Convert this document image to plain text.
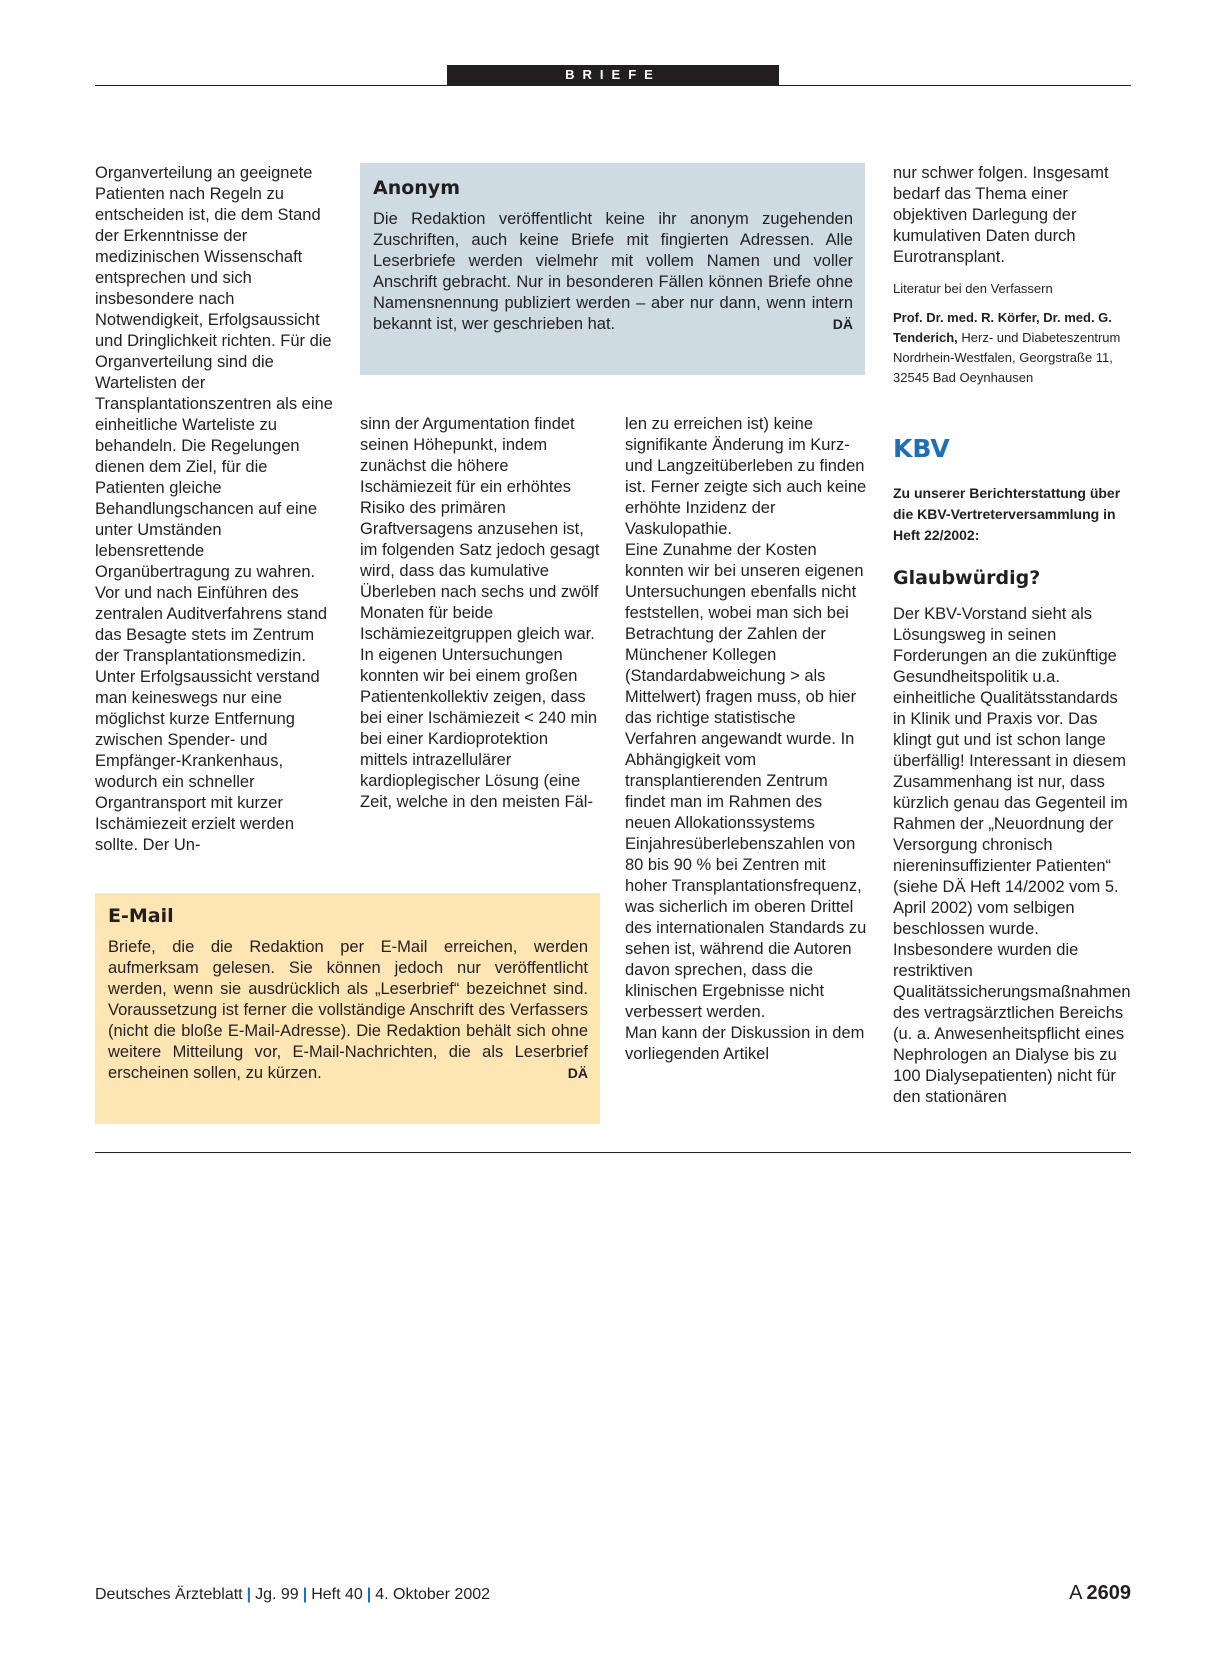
BRIEFE

Organverteilung an geeignete Patienten nach Regeln zu entscheiden ist, die dem Stand der Erkenntnisse der medizinischen Wissenschaft entsprechen und sich insbesondere nach Notwendigkeit, Erfolgsaussicht und Dringlichkeit richten. Für die Organverteilung sind die Wartelisten der Transplantationszentren als eine einheitliche Warteliste zu behandeln. Die Regelungen dienen dem Ziel, für die Patienten gleiche Behandlungschancen auf eine unter Umständen lebensrettende Organübertragung zu wahren.

Vor und nach Einführen des zentralen Auditverfahrens stand das Besagte stets im Zentrum der Transplantationsmedizin. Unter Erfolgsaussicht verstand man keineswegs nur eine möglichst kurze Entfernung zwischen Spender- und Empfänger-Krankenhaus, wodurch ein schneller Organtransport mit kurzer Ischämiezeit erzielt werden sollte. Der Un-

Anonym

Die Redaktion veröffentlicht keine ihr anonym zugehenden Zuschriften, auch keine Briefe mit fingierten Adressen. Alle Leserbriefe werden vielmehr mit vollem Namen und voller Anschrift gebracht. Nur in besonderen Fällen können Briefe ohne Namensnennung publiziert werden – aber nur dann, wenn intern bekannt ist, wer geschrieben hat.	DÄ

sinn der Argumentation findet seinen Höhepunkt, indem zunächst die höhere Ischämiezeit für ein erhöhtes Risiko des primären Graftversagens anzusehen ist, im folgenden Satz jedoch gesagt wird, dass das kumulative Überleben nach sechs und zwölf Monaten für beide Ischämiezeitgruppen gleich war.

In eigenen Untersuchungen konnten wir bei einem großen Patientenkollektiv zeigen, dass bei einer Ischämiezeit < 240 min bei einer Kardioprotektion mittels intrazellulärer kardioplegischer Lösung (eine Zeit, welche in den meisten Fäl-

len zu erreichen ist) keine signifikante Änderung im Kurz- und Langzeitüberleben zu finden ist. Ferner zeigte sich auch keine erhöhte Inzidenz der Vaskulopathie.

Eine Zunahme der Kosten konnten wir bei unseren eigenen Untersuchungen ebenfalls nicht feststellen, wobei man sich bei Betrachtung der Zahlen der Münchener Kollegen (Standardabweichung > als Mittelwert) fragen muss, ob hier das richtige statistische Verfahren angewandt wurde. In Abhängigkeit vom transplantierenden Zentrum findet man im Rahmen des neuen Allokationssystems Einjahresüberlebenszahlen von 80 bis 90 % bei Zentren mit hoher Transplantationsfrequenz, was sicherlich im oberen Drittel des internationalen Standards zu sehen ist, während die Autoren davon sprechen, dass die klinischen Ergebnisse nicht verbessert werden.

Man kann der Diskussion in dem vorliegenden Artikel

E-Mail

Briefe, die die Redaktion per E-Mail erreichen, werden aufmerksam gelesen. Sie können jedoch nur veröffentlicht werden, wenn sie ausdrücklich als „Leserbrief“ bezeichnet sind. Voraussetzung ist ferner die vollständige Anschrift des Verfassers (nicht die bloße E-Mail-Adresse). Die Redaktion behält sich ohne weitere Mitteilung vor, E-Mail-Nachrichten, die als Leserbrief erscheinen sollen, zu kürzen.	DÄ

nur schwer folgen. Insgesamt bedarf das Thema einer objektiven Darlegung der kumulativen Daten durch Eurotransplant.

Literatur bei den Verfassern
Prof. Dr. med. R. Körfer, Dr. med. G. Tenderich, Herz- und Diabeteszentrum Nordrhein-Westfalen, Georgstraße 11, 32545 Bad Oeynhausen
KBV
Zu unserer Berichterstattung über die KBV-Vertreterversammlung in Heft 22/2002:
Glaubwürdig?

Der KBV-Vorstand sieht als Lösungsweg in seinen Forderungen an die zukünftige Gesundheitspolitik u.a. einheitliche Qualitätsstandards in Klinik und Praxis vor. Das klingt gut und ist schon lange überfällig! Interessant in diesem Zusammenhang ist nur, dass kürzlich genau das Gegenteil im Rahmen der „Neuordnung der Versorgung chronisch niereninsuffizienter Patienten“ (siehe DÄ Heft 14/2002 vom 5. April 2002) vom selbigen beschlossen wurde. Insbesondere wurden die restriktiven Qualitätssicherungsmaßnahmen des vertragsärztlichen Bereichs (u. a. Anwesenheitspflicht eines Nephrologen an Dialyse bis zu 100 Dialysepatienten) nicht für den stationären

Deutsches Ärzteblatt | Jg. 99 | Heft 40 | 4. Oktober 2002	A  2609
